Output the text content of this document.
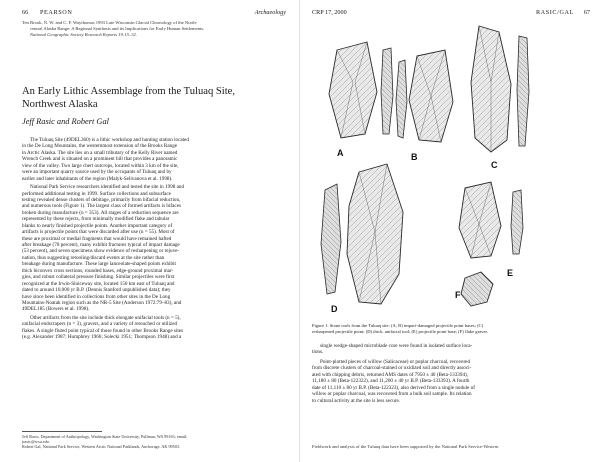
66 PEARSON	Archaeology
Ten Brook, N. W. and C. F. Waythomas 1993 Late Wisconsin Glacial Chronology of the North-
central Alaska Range: A Regional Synthesis and its Implications for Early Human Settlements.
National Geographic Society Research Reports 19:15–32.
An Early Lithic Assemblage from the Tuluaq Site,
Northwest Alaska
Jeff Rasic and Robert Gal
The Tuluaq Site (49DEL360) is a lithic workshop and hunting station located
in the De Long Mountains, the westernmost extension of the Brooks Range
in Arctic Alaska. The site lies on a small tributary of the Kelly River named
Wrench Creek and is situated on a prominent hill that provides a panoramic
view of the valley. Two large chert outcrops, located within 3 km of the site,
were an important quarry source used by the occupants of Tuluaq and by
earlier and later inhabitants of the region (Malyk-Selivanova et al. 1998).
National Park Service researchers identified and tested the site in 1998 and
performed additional testing in 1999. Surface collections and subsurface
testing revealed dense clusters of debitage, primarily from bifacial reduction,
and numerous tools (Figure 1). The largest class of formed artifacts is bifaces
broken during manufacture (n = 353). All stages of a reduction sequence are
represented by these rejects, from minimally modified flake and tabular
blanks to nearly finished projectile points. Another important category of
artifacts is projectile points that were discarded after use (n = 55). Most of
these are proximal or medial fragments that would have remained hafted
after breakage (78 percent), many exhibit fractures typical of impact damage
(53 percent), and seven specimens show evidence of resharpening or rejuve-
nation, thus suggesting retooling/discard events at the site rather than
breakage during manufacture. These large lanceolate-shaped points exhibit
thick biconvex cross sections, rounded bases, edge-ground proximal mar-
gins, and robust collateral pressure finishing. Similar projectiles were first
recognized at the Irwin-Sluiceway site, located 150 km east of Tuluaq and
dated to around 10,000 yr B.P. (Dennis Stanford unpublished data); they
have since been identified in collections from other sites in the De Long
Mountains-Noatak region such as the NR-5 Site (Anderson 1972:79–83), and
49DEL185 (Bowers et al. 1998).
Other artifacts from the site include thick elongate unifacial tools (n = 5),
unifacial endscrapers (n = 3), gravers, and a variety of retouched or utilized
flakes. A single fluted point typical of those found in other Brooks Range sites
(e.g. Alexander 1987; Humphrey 1966; Solecki 1951; Thompson 1948) and a
Jeff Rasic, Department of Anthropology, Washington State University, Pullman, WA 99163; email:
jrasic@wsu.edu
Robert Gal, National Park Service, Western Arctic National Parklands, Anchorage, AK 99503.
CRP 17, 2000	RASIC/GAL 67
A	B
C
D
E
F
Figure 1. Stone tools from the Tuluaq site: (A, B) impact-damaged projectile point bases; (C)
resharpened projectile point; (D) thick, unifacial tool; (E) projectile point base; (F) flake graver.
single wedge-shaped microblade core were found in isolated surface loca-
tions.
Point-plotted pieces of willow (Salicaceae) or poplar charcoal, recovered
from discrete clusters of charcoal-stained or oxidized soil and directly associ-
ated with chipping debris, returned AMS dates of 7950 ± 40 (Beta-133394),
11,180 ± 80 (Beta-122322), and 11,200 ± 40 yr B.P. (Beta-133393). A fourth
date of 11,110 ± 80 yr B.P. (Beta-122323), also derived from a single nodule of
willow or poplar charcoal, was recovered from a bulk soil sample. Its relation
to cultural activity at the site is less secure.
Fieldwork and analysis of the Tuluaq data have been supported by the National Park Service-Western
